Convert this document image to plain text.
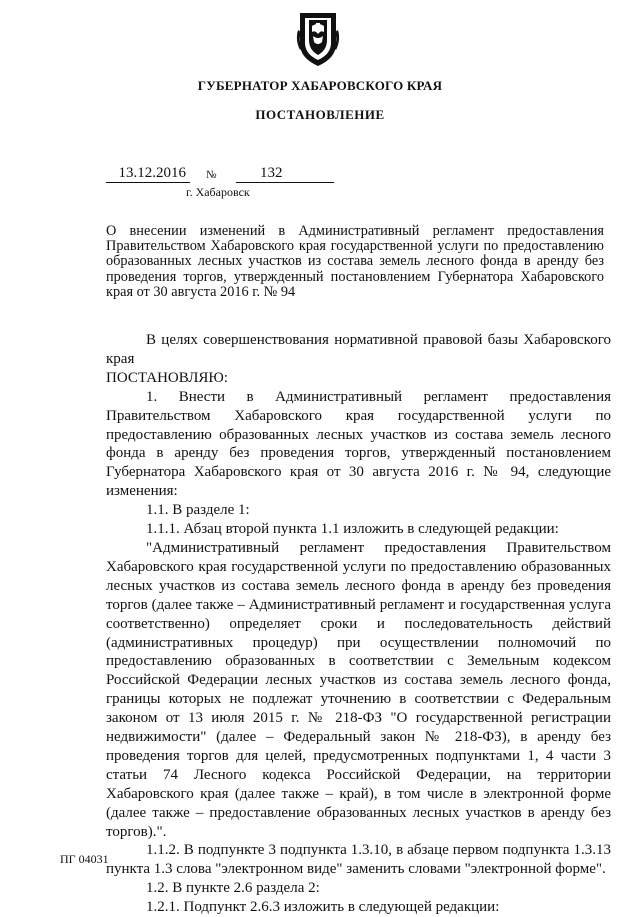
ГУБЕРНАТОР ХАБАРОВСКОГО КРАЯ
ПОСТАНОВЛЕНИЕ
13.12.2016	№	132
г. Хабаровск
О внесении изменений в Административный регламент предоставления Правительством Хабаровского края государственной услуги по предоставлению образованных лесных участков из состава земель лесного фонда в аренду без проведения торгов, утвержденный постановлением Губернатора Хабаровского края от 30 августа 2016 г. № 94

В целях совершенствования нормативной правовой базы Хабаровского края

ПОСТАНОВЛЯЮ:

1. Внести в Административный регламент предоставления Правительством Хабаровского края государственной услуги по предоставлению образованных лесных участков из состава земель лесного фонда в аренду без проведения торгов, утвержденный постановлением Губернатора Хабаровского края от 30 августа 2016 г. № 94, следующие изменения:

1.1. В разделе 1:

1.1.1. Абзац второй пункта 1.1 изложить в следующей редакции:

"Административный регламент предоставления Правительством Хабаровского края государственной услуги по предоставлению образованных лесных участков из состава земель лесного фонда в аренду без проведения торгов (далее также – Административный регламент и государственная услуга соответственно) определяет сроки и последовательность действий (административных процедур) при осуществлении полномочий по предоставлению образованных в соответствии с Земельным кодексом Российской Федерации лесных участков из состава земель лесного фонда, границы которых не подлежат уточнению в соответствии с Федеральным законом от 13 июля 2015 г. № 218-ФЗ "О государственной регистрации недвижимости" (далее – Федеральный закон № 218-ФЗ), в аренду без проведения торгов для целей, предусмотренных подпунктами 1, 4 части 3 статьи 74 Лесного кодекса Российской Федерации, на территории Хабаровского края (далее также – край), в том числе в электронной форме (далее также – предоставление образованных лесных участков в аренду без торгов).".

1.1.2. В подпункте 3 подпункта 1.3.10, в абзаце первом подпункта 1.3.13 пункта 1.3 слова "электронном виде" заменить словами "электронной форме".

1.2. В пункте 2.6 раздела 2:

1.2.1. Подпункт 2.6.3 изложить в следующей редакции:

ПГ 04031
